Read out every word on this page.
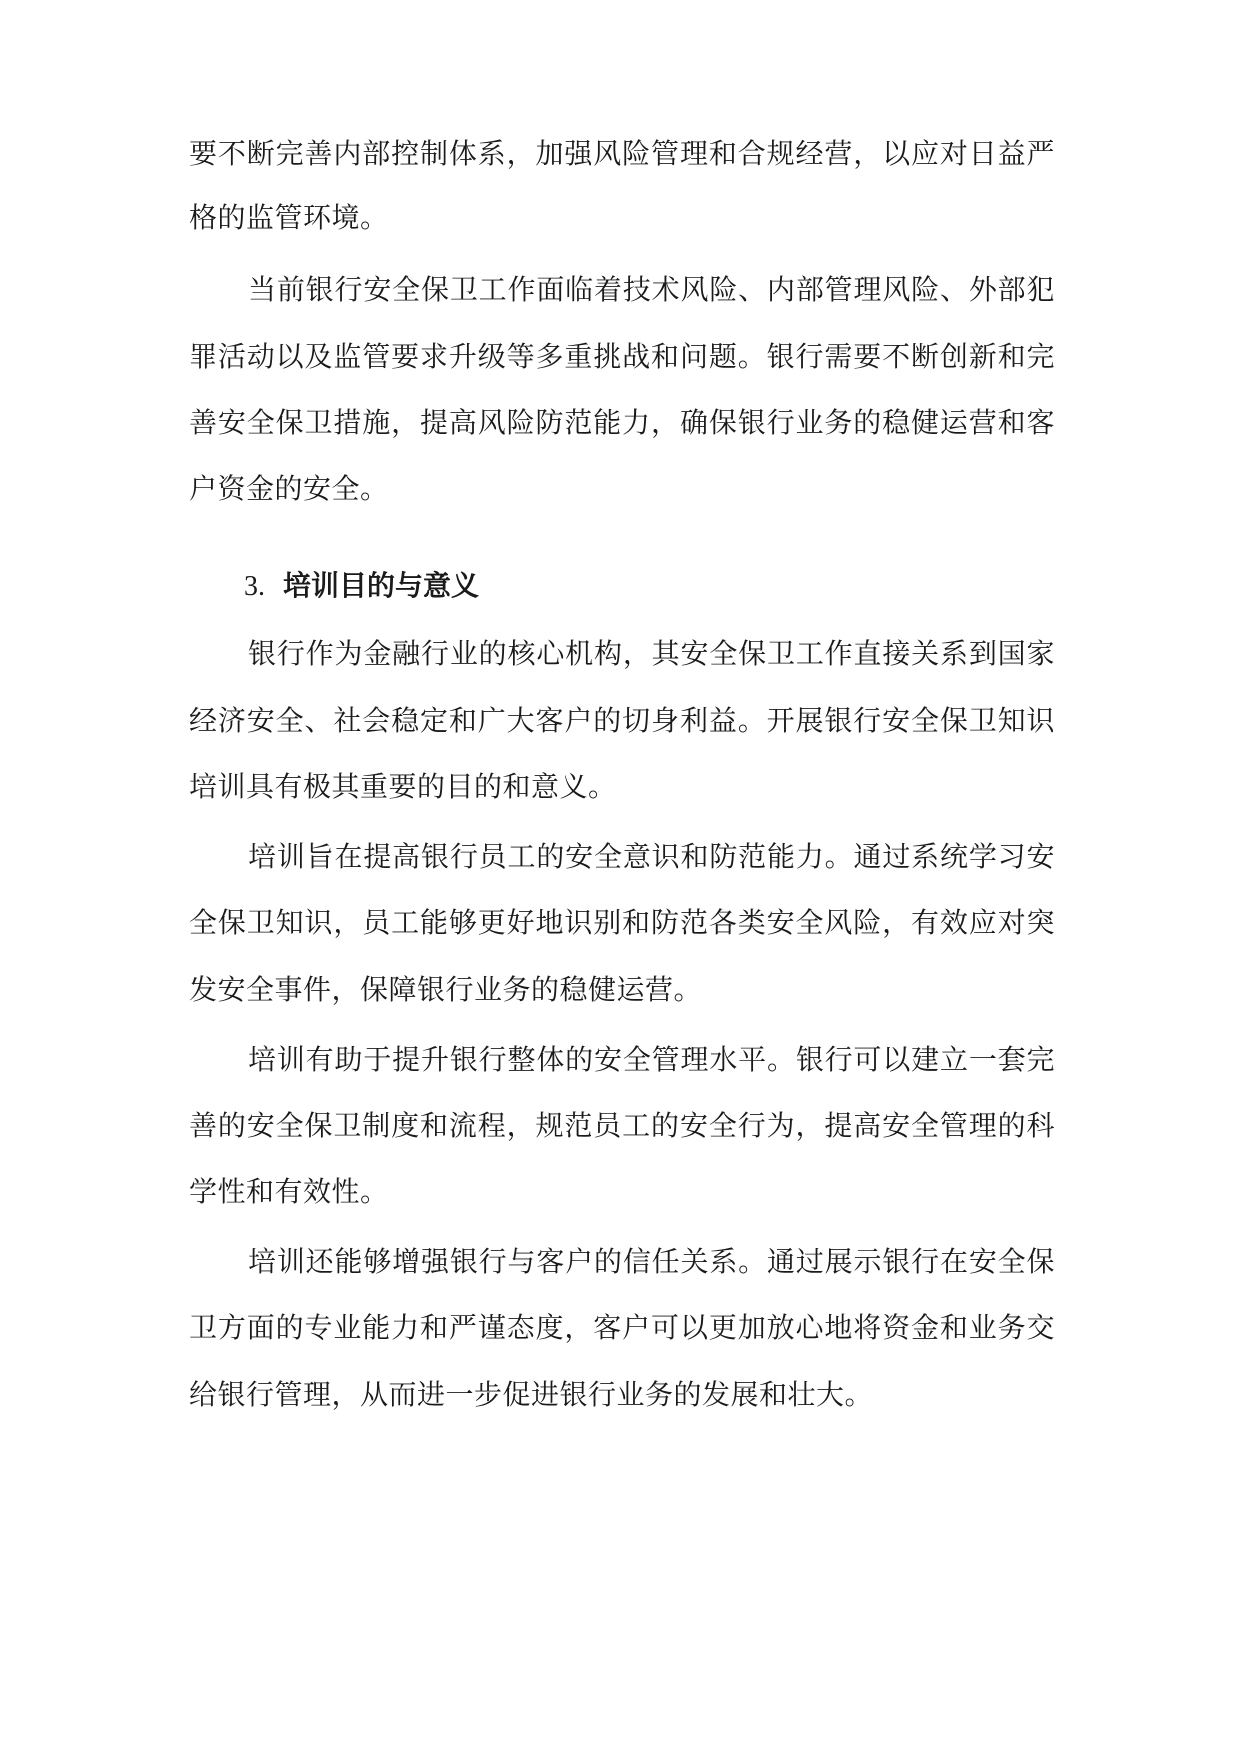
要不断完善内部控制体系，加强风险管理和合规经营，以应对日益严
格的监管环境。
当前银行安全保卫工作面临着技术风险、内部管理风险、外部犯
罪活动以及监管要求升级等多重挑战和问题。银行需要不断创新和完
善安全保卫措施，提高风险防范能力，确保银行业务的稳健运营和客
户资金的安全。
3. 培训目的与意义
银行作为金融行业的核心机构，其安全保卫工作直接关系到国家
经济安全、社会稳定和广大客户的切身利益。开展银行安全保卫知识
培训具有极其重要的目的和意义。
培训旨在提高银行员工的安全意识和防范能力。通过系统学习安
全保卫知识，员工能够更好地识别和防范各类安全风险，有效应对突
发安全事件，保障银行业务的稳健运营。
培训有助于提升银行整体的安全管理水平。银行可以建立一套完
善的安全保卫制度和流程，规范员工的安全行为，提高安全管理的科
学性和有效性。
培训还能够增强银行与客户的信任关系。通过展示银行在安全保
卫方面的专业能力和严谨态度，客户可以更加放心地将资金和业务交
给银行管理，从而进一步促进银行业务的发展和壮大。
